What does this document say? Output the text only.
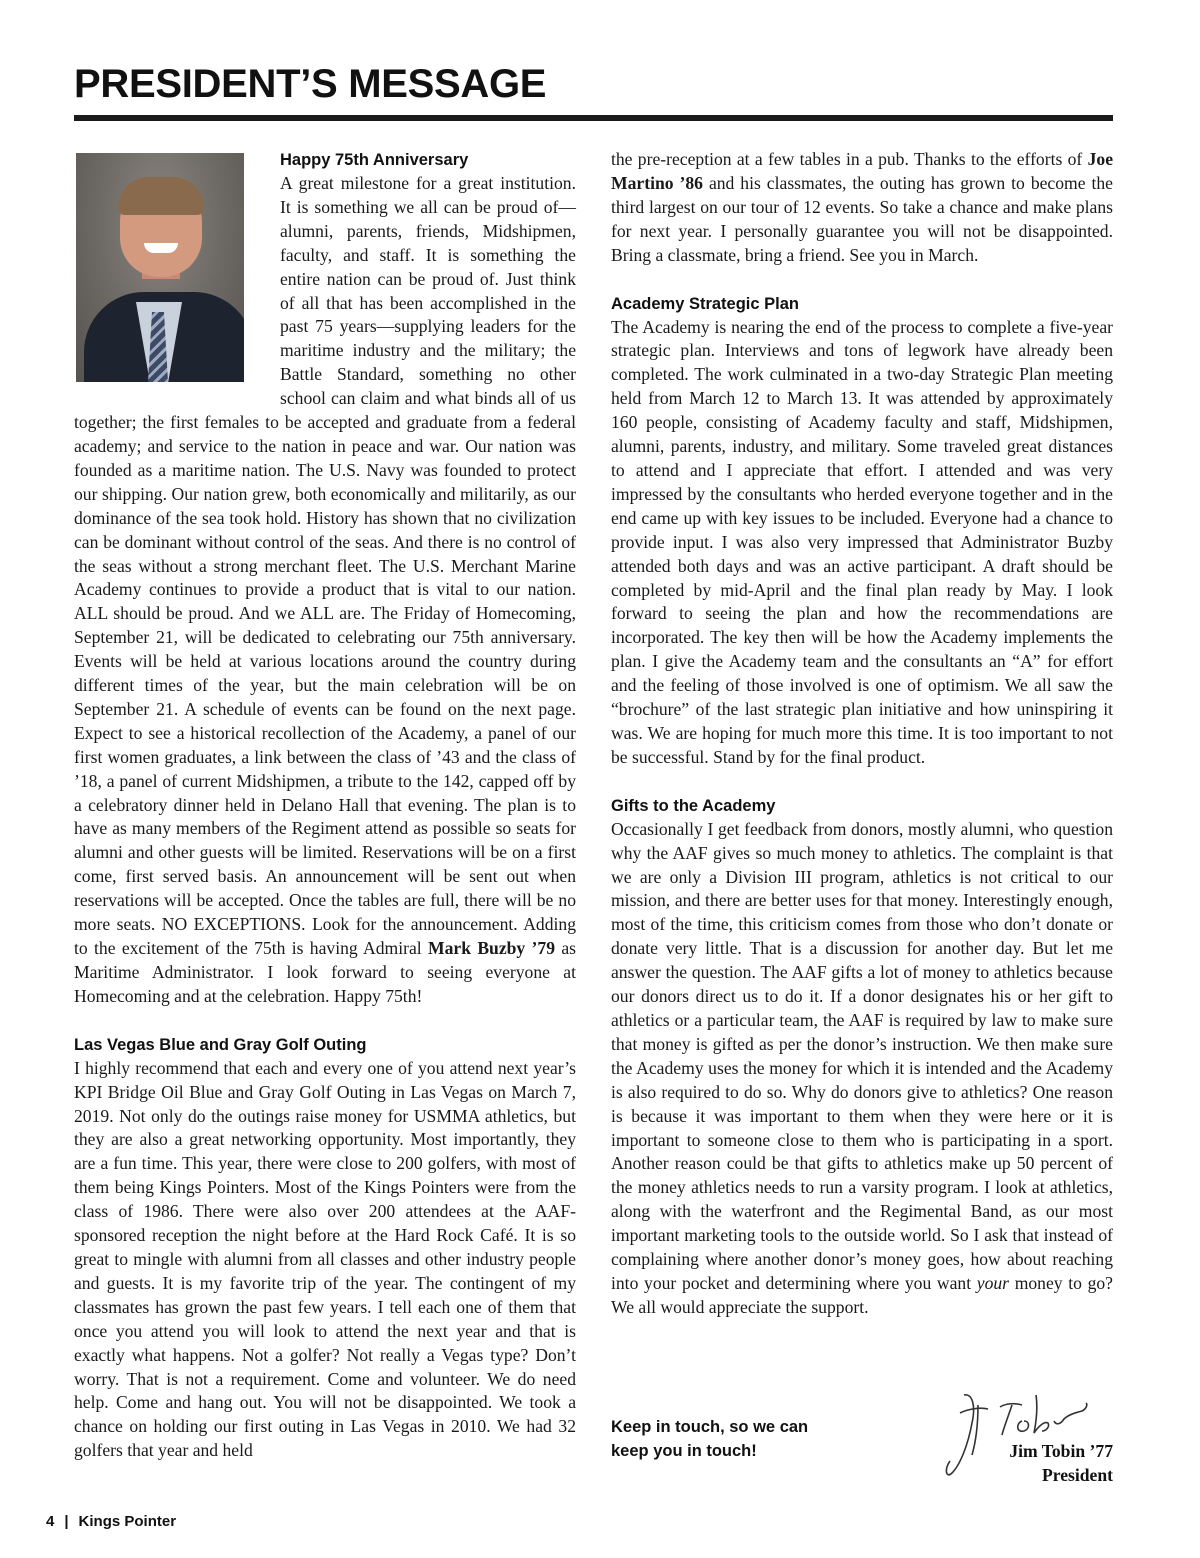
PRESIDENT’S MESSAGE
Happy 75th Anniversary

A great milestone for a great institution. It is something we all can be proud of—alumni, parents, friends, Midshipmen, faculty, and staff. It is something the entire nation can be proud of. Just think of all that has been accomplished in the past 75 years—supplying leaders for the maritime industry and the military; the Battle Standard, something no other school can claim and what binds all of us together; the first females to be accepted and graduate from a federal academy; and service to the nation in peace and war. Our nation was founded as a maritime nation. The U.S. Navy was founded to protect our shipping. Our nation grew, both economically and militarily, as our dominance of the sea took hold. History has shown that no civilization can be dominant without control of the seas. And there is no control of the seas without a strong merchant fleet. The U.S. Merchant Marine Academy continues to provide a product that is vital to our nation. ALL should be proud. And we ALL are. The Friday of Homecoming, September 21, will be dedicated to celebrating our 75th anniversary. Events will be held at various locations around the country during different times of the year, but the main celebration will be on September 21. A schedule of events can be found on the next page. Expect to see a historical recollection of the Academy, a panel of our first women graduates, a link between the class of ’43 and the class of ’18, a panel of current Midshipmen, a tribute to the 142, capped off by a celebratory dinner held in Delano Hall that evening. The plan is to have as many members of the Regiment attend as possible so seats for alumni and other guests will be limited. Reservations will be on a first come, first served basis. An announcement will be sent out when reservations will be accepted. Once the tables are full, there will be no more seats. NO EXCEPTIONS. Look for the announcement. Adding to the excitement of the 75th is having Admiral Mark Buzby ’79 as Maritime Administrator. I look forward to seeing everyone at Homecoming and at the celebration. Happy 75th!

Las Vegas Blue and Gray Golf Outing

I highly recommend that each and every one of you attend next year’s KPI Bridge Oil Blue and Gray Golf Outing in Las Vegas on March 7, 2019. Not only do the outings raise money for USMMA athletics, but they are also a great networking opportunity. Most importantly, they are a fun time. This year, there were close to 200 golfers, with most of them being Kings Pointers. Most of the Kings Pointers were from the class of 1986. There were also over 200 attendees at the AAF-sponsored reception the night before at the Hard Rock Café. It is so great to mingle with alumni from all classes and other industry people and guests. It is my favorite trip of the year. The contingent of my classmates has grown the past few years. I tell each one of them that once you attend you will look to attend the next year and that is exactly what happens. Not a golfer? Not really a Vegas type? Don’t worry. That is not a requirement. Come and volunteer. We do need help. Come and hang out. You will not be disappointed. We took a chance on holding our first outing in Las Vegas in 2010. We had 32 golfers that year and held

the pre-reception at a few tables in a pub. Thanks to the efforts of Joe Martino ’86 and his classmates, the outing has grown to become the third largest on our tour of 12 events. So take a chance and make plans for next year. I personally guarantee you will not be disappointed. Bring a classmate, bring a friend. See you in March.

Academy Strategic Plan

The Academy is nearing the end of the process to complete a five-year strategic plan. Interviews and tons of legwork have already been completed. The work culminated in a two-day Strategic Plan meeting held from March 12 to March 13. It was attended by approximately 160 people, consisting of Academy faculty and staff, Midshipmen, alumni, parents, industry, and military. Some traveled great distances to attend and I appreciate that effort. I attended and was very impressed by the consultants who herded everyone together and in the end came up with key issues to be included. Everyone had a chance to provide input. I was also very impressed that Administrator Buzby attended both days and was an active participant. A draft should be completed by mid-April and the final plan ready by May. I look forward to seeing the plan and how the recommendations are incorporated. The key then will be how the Academy implements the plan. I give the Academy team and the consultants an “A” for effort and the feeling of those involved is one of optimism. We all saw the “brochure” of the last strategic plan initiative and how uninspiring it was. We are hoping for much more this time. It is too important to not be successful. Stand by for the final product.

Gifts to the Academy

Occasionally I get feedback from donors, mostly alumni, who question why the AAF gives so much money to athletics. The complaint is that we are only a Division III program, athletics is not critical to our mission, and there are better uses for that money. Interestingly enough, most of the time, this criticism comes from those who don’t donate or donate very little. That is a discussion for another day. But let me answer the question. The AAF gifts a lot of money to athletics because our donors direct us to do it. If a donor designates his or her gift to athletics or a particular team, the AAF is required by law to make sure that money is gifted as per the donor’s instruction. We then make sure the Academy uses the money for which it is intended and the Academy is also required to do so. Why do donors give to athletics? One reason is because it was important to them when they were here or it is important to someone close to them who is participating in a sport. Another reason could be that gifts to athletics make up 50 percent of the money athletics needs to run a varsity program. I look at athletics, along with the waterfront and the Regimental Band, as our most important marketing tools to the outside world. So I ask that instead of complaining where another donor’s money goes, how about reaching into your pocket and determining where you want your money to go? We all would appreciate the support.

Keep in touch, so we can
keep you in touch!	Jim Tobin ’77
President
4 | Kings Pointer
